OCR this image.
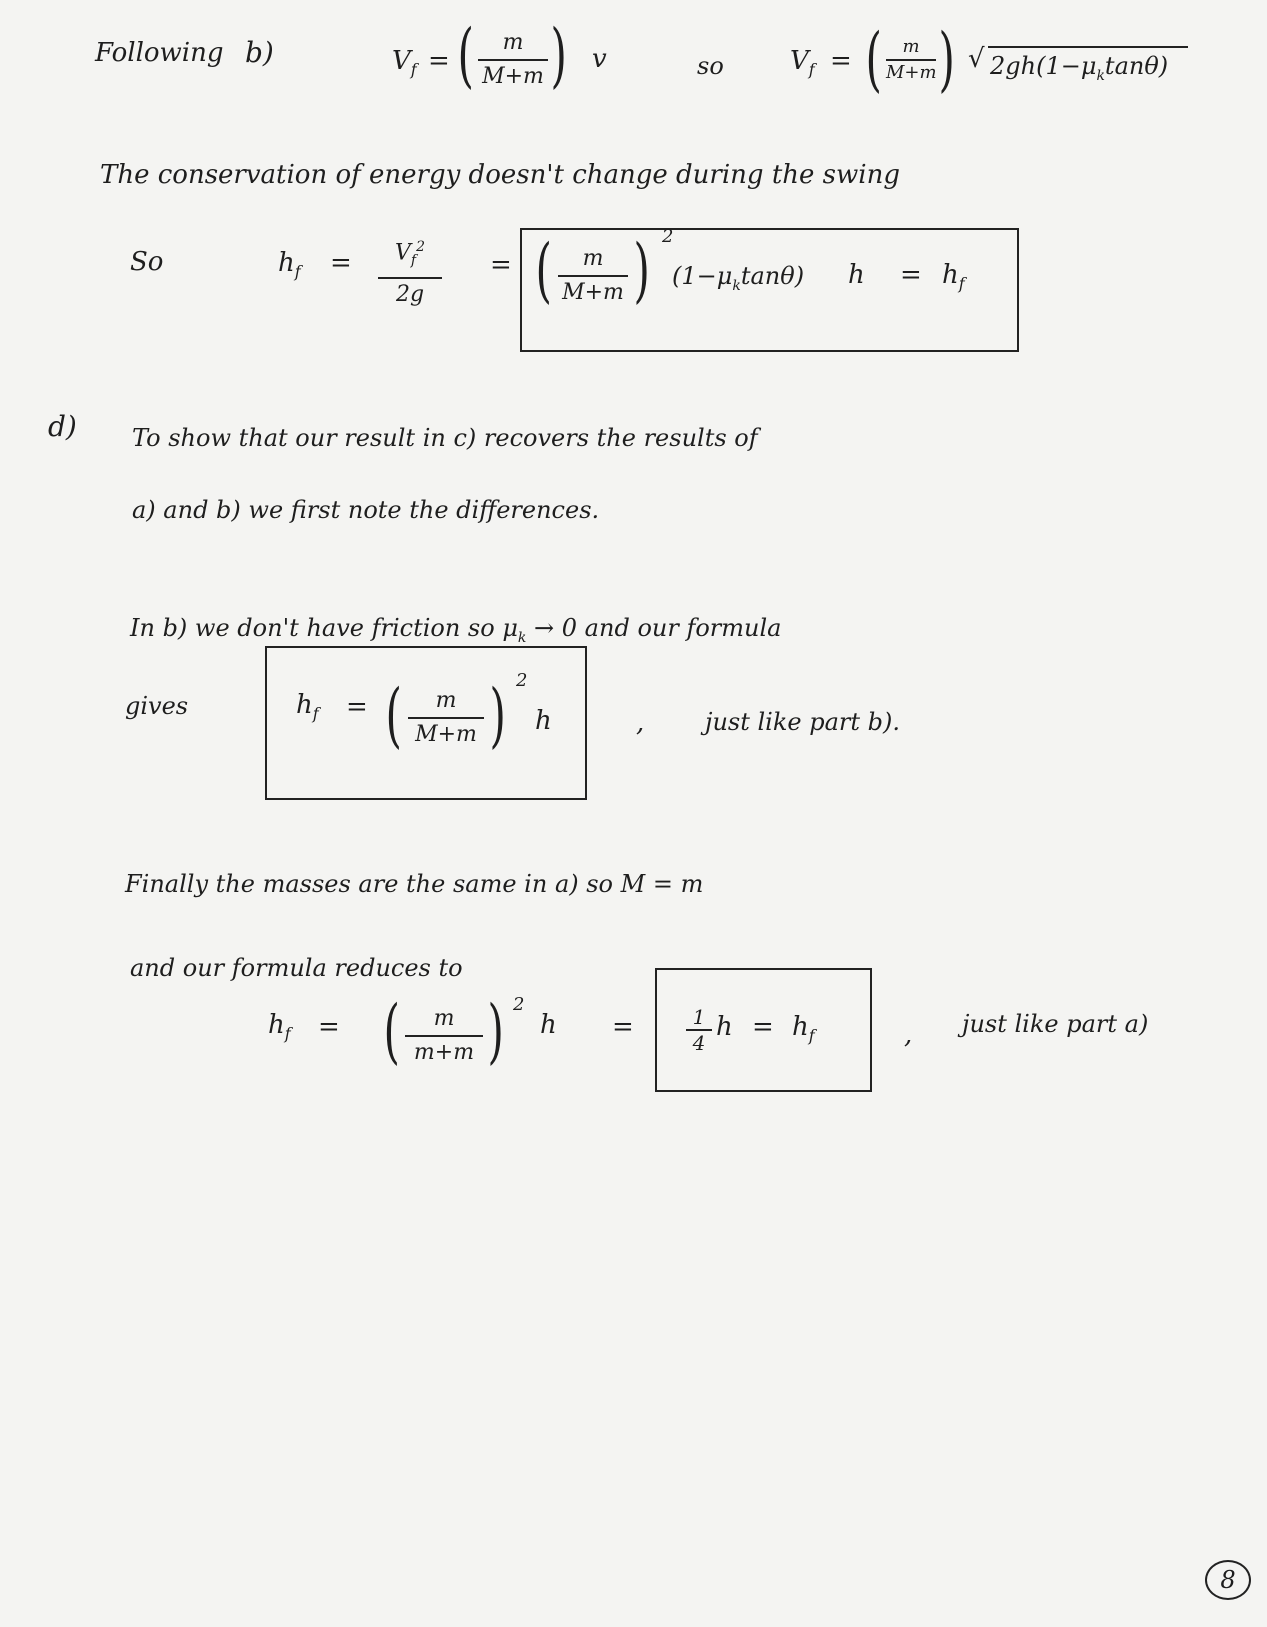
Following b)	$V_f$ = (	m
M+m ) v	so	$V_f$ = (	m
M+m ) √ $2gh(1-\mu_k\tan\theta)$
The conservation of energy doesn't change during the swing
So	$h_f$ =	$V_f^2$
2g
= (	m
M+m ) 2
$(1-\mu_k\tan\theta) h = h_f$
d) To show that our result in c) recovers the results of
a) and b) we first note the differences.
In b) we don't have friction so $\mu_k \to 0$ and our formula
gives	$h_f$ = (	m
M+m ) 2
h	,	just like part b).
Finally the masses are the same in a) so M = m
and our formula reduces to
$h_f$ = (	m
m+m ) 2
h =	1
4
$h = h_f$	, just like part a)
8
